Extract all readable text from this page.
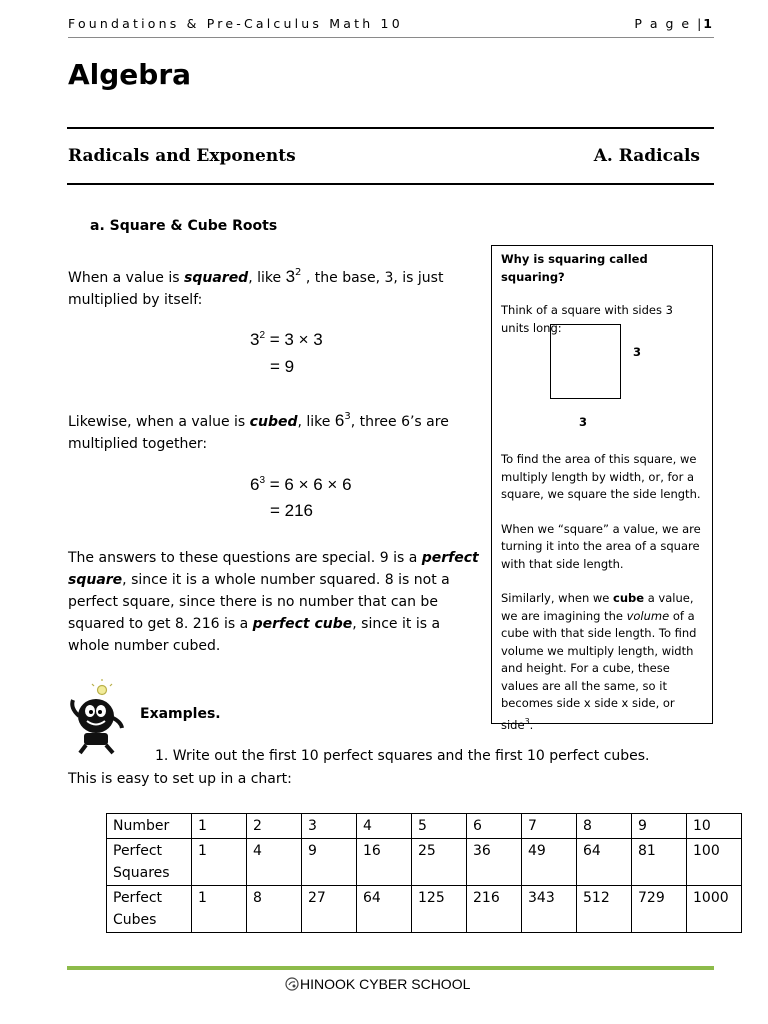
Foundations & Pre-Calculus Math 10	P a g e |1
Algebra
Radicals and Exponents	A. Radicals
a. Square & Cube Roots
When a value is squared, like $3^2$ , the base, 3, is just multiplied by itself:
$3^2 = 3 \times 3$
= 9
Likewise, when a value is cubed, like $6^3$, three 6’s are multiplied together:
$6^3 = 6 \times 6 \times 6$
= 216
The answers to these questions are special. 9 is a perfect square, since it is a whole number squared. 8 is not a perfect square, since there is no number that can be squared to get 8. 216 is a perfect cube, since it is a whole number cubed.

Why is squaring called squaring?

Think of a square with sides 3 units long:

To find the area of this square, we multiply length by width, or, for a square, we square the side length.

When we “square” a value, we are turning it into the area of a square with that side length.

Similarly, when we cube a value, we are imagining the volume of a cube with that side length. To find volume we multiply length, width and height. For a cube, these values are all the same, so it becomes side x side x side, or side$^3$.

3
3
Examples.
1. Write out the first 10 perfect squares and the first 10 perfect cubes.
This is easy to set up in a chart:
Number	1	2	3	4	5	6	7	8	9	10
Perfect Squares	1	4	9	16	25	36	49	64	81	100
Perfect Cubes	1	8	27	64	125	216	343	512	729	1000
HINOOK CYBER SCHOOL
